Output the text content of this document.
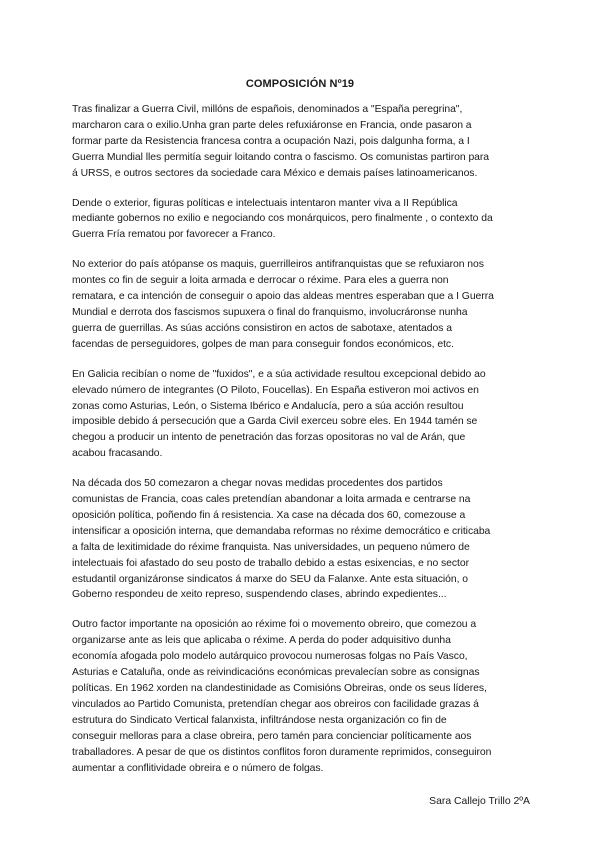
COMPOSICIÓN Nº19

Tras finalizar a Guerra Civil, millóns de españois, denominados a "España peregrina",
marcharon cara o exilio.Unha gran parte deles refuxiáronse en Francia, onde pasaron a
formar parte da Resistencia francesa contra a ocupación Nazi, pois dalgunha forma, a I
Guerra Mundial lles permitía seguir loitando contra o fascismo. Os comunistas partiron para
á URSS, e outros sectores da sociedade cara México e demais países latinoamericanos.

Dende o exterior, figuras políticas e intelectuais intentaron manter viva a II República
mediante gobernos no exilio e negociando cos monárquicos, pero finalmente , o contexto da
Guerra Fría rematou por favorecer a Franco.

No exterior do país atópanse os maquis, guerrilleiros antifranquistas que se refuxiaron nos
montes co fin de seguir a loita armada e derrocar o réxime. Para eles a guerra non
rematara, e ca intención de conseguir o apoio das aldeas mentres esperaban que a I Guerra
Mundial e derrota dos fascismos supuxera o final do franquismo, involucráronse nunha
guerra de guerrillas. As súas accións consistiron en actos de sabotaxe, atentados a
facendas de perseguidores, golpes de man para conseguir fondos económicos, etc.

En Galicia recibían o nome de "fuxidos", e a súa actividade resultou excepcional debido ao
elevado número de integrantes (O Piloto, Foucellas). En España estiveron moi activos en
zonas como Asturias, León, o Sistema Ibérico e Andalucía, pero a súa acción resultou
imposible debido á persecución que a Garda Civil exerceu sobre eles. En 1944 tamén se
chegou a producir un intento de penetración das forzas opositoras no val de Arán, que
acabou fracasando.

Na década dos 50 comezaron a chegar novas medidas procedentes dos partidos
comunistas de Francia, coas cales pretendían abandonar a loita armada e centrarse na
oposición política, poñendo fin á resistencia. Xa case na década dos 60, comezouse a
intensificar a oposición interna, que demandaba reformas no réxime democrático e criticaba
a falta de lexitimidade do réxime franquista. Nas universidades, un pequeno número de
intelectuais foi afastado do seu posto de traballo debido a estas esixencias, e no sector
estudantil organizáronse sindicatos á marxe do SEU da Falanxe. Ante esta situación, o
Goberno respondeu de xeito represo, suspendendo clases, abrindo expedientes...

Outro factor importante na oposición ao réxime foi o movemento obreiro, que comezou a
organizarse ante as leis que aplicaba o réxime. A perda do poder adquisitivo dunha
economía afogada polo modelo autárquico provocou numerosas folgas no País Vasco,
Asturias e Cataluña, onde as reivindicacións económicas prevalecían sobre as consignas
políticas. En 1962 xorden na clandestinidade as Comisións Obreiras, onde os seus líderes,
vinculados ao Partido Comunista, pretendían chegar aos obreiros con facilidade grazas á
estrutura do Sindicato Vertical falanxista, infiltrándose nesta organización co fin de
conseguir melloras para a clase obreira, pero tamén para concienciar políticamente aos
traballadores. A pesar de que os distintos conflitos foron duramente reprimidos, conseguiron
aumentar a conflitividade obreira e o número de folgas.

Sara Callejo Trillo 2ºA
